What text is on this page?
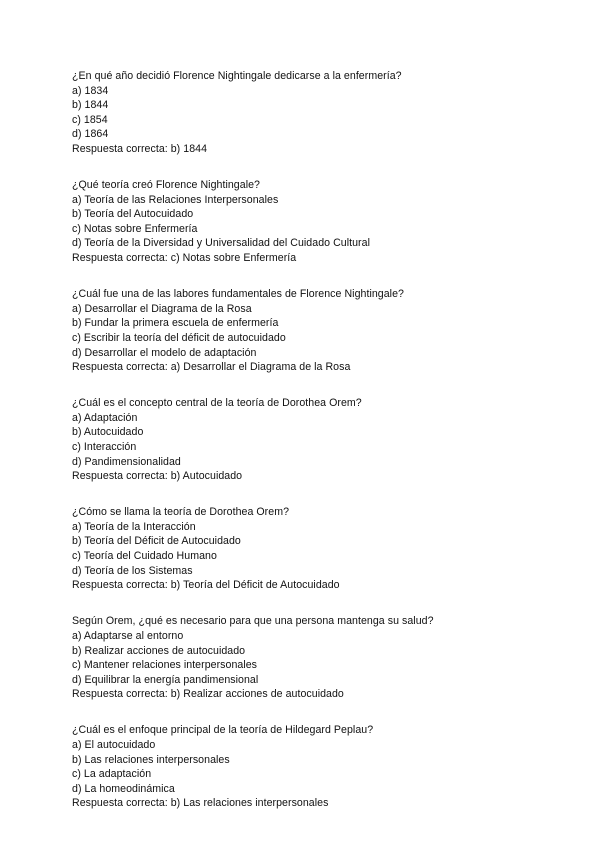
¿En qué año decidió Florence Nightingale dedicarse a la enfermería?
a) 1834
b) 1844
c) 1854
d) 1864
Respuesta correcta: b) 1844
¿Qué teoría creó Florence Nightingale?
a) Teoría de las Relaciones Interpersonales
b) Teoría del Autocuidado
c) Notas sobre Enfermería
d) Teoría de la Diversidad y Universalidad del Cuidado Cultural
Respuesta correcta: c) Notas sobre Enfermería
¿Cuál fue una de las labores fundamentales de Florence Nightingale?
a) Desarrollar el Diagrama de la Rosa
b) Fundar la primera escuela de enfermería
c) Escribir la teoría del déficit de autocuidado
d) Desarrollar el modelo de adaptación
Respuesta correcta: a) Desarrollar el Diagrama de la Rosa
¿Cuál es el concepto central de la teoría de Dorothea Orem?
a) Adaptación
b) Autocuidado
c) Interacción
d) Pandimensionalidad
Respuesta correcta: b) Autocuidado
¿Cómo se llama la teoría de Dorothea Orem?
a) Teoría de la Interacción
b) Teoría del Déficit de Autocuidado
c) Teoría del Cuidado Humano
d) Teoría de los Sistemas
Respuesta correcta: b) Teoría del Déficit de Autocuidado
Según Orem, ¿qué es necesario para que una persona mantenga su salud?
a) Adaptarse al entorno
b) Realizar acciones de autocuidado
c) Mantener relaciones interpersonales
d) Equilibrar la energía pandimensional
Respuesta correcta: b) Realizar acciones de autocuidado
¿Cuál es el enfoque principal de la teoría de Hildegard Peplau?
a) El autocuidado
b) Las relaciones interpersonales
c) La adaptación
d) La homeodinámica
Respuesta correcta: b) Las relaciones interpersonales
